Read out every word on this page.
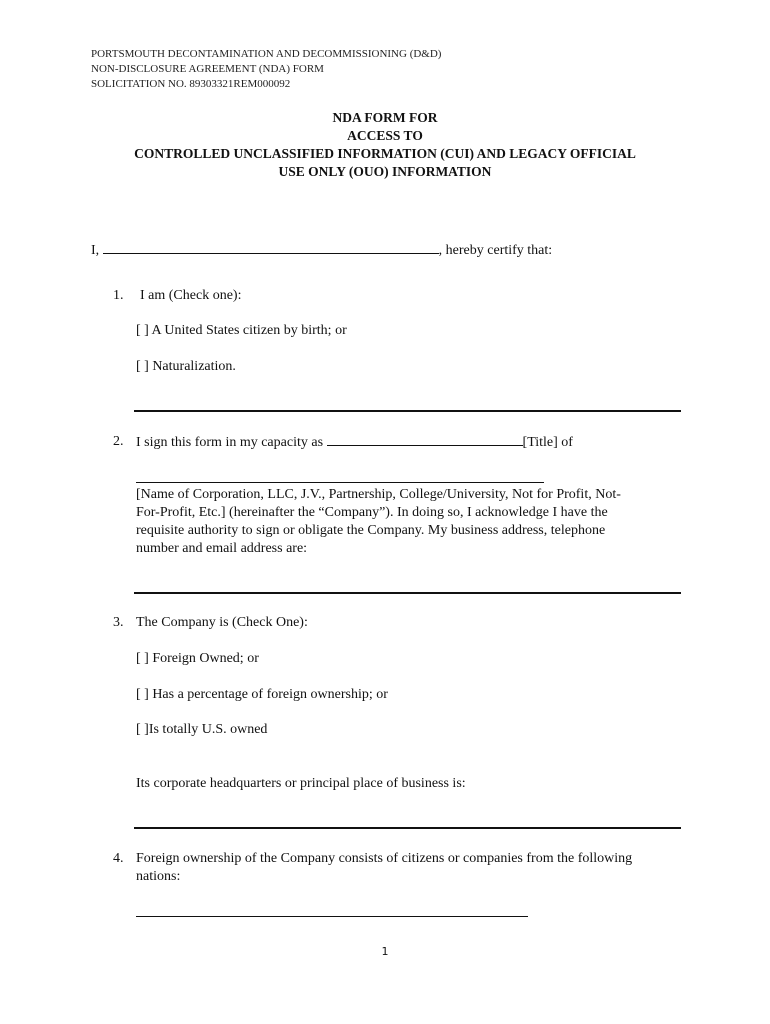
PORTSMOUTH DECONTAMINATION AND DECOMMISSIONING (D&D)

NON-DISCLOSURE AGREEMENT (NDA) FORM

SOLICITATION NO. 89303321REM000092

NDA FORM FOR

ACCESS TO

CONTROLLED UNCLASSIFIED INFORMATION (CUI) AND LEGACY OFFICIAL

USE ONLY (OUO) INFORMATION

I,	, hereby certify that:

1. I am (Check one):

[ ] A United States citizen by birth; or

[ ] Naturalization.

2. I sign this form in my capacity as	[Title] of

[Name of Corporation, LLC, J.V., Partnership, College/University, Not for Profit, Not-

For-Profit, Etc.] (hereinafter the “Company”). In doing so, I acknowledge I have the

requisite authority to sign or obligate the Company. My business address, telephone

number and email address are:

3. The Company is (Check One):

[ ] Foreign Owned; or

[ ] Has a percentage of foreign ownership; or

[ ]Is totally U.S. owned

Its corporate headquarters or principal place of business is:

4. Foreign ownership of the Company consists of citizens or companies from the following

nations:

1
